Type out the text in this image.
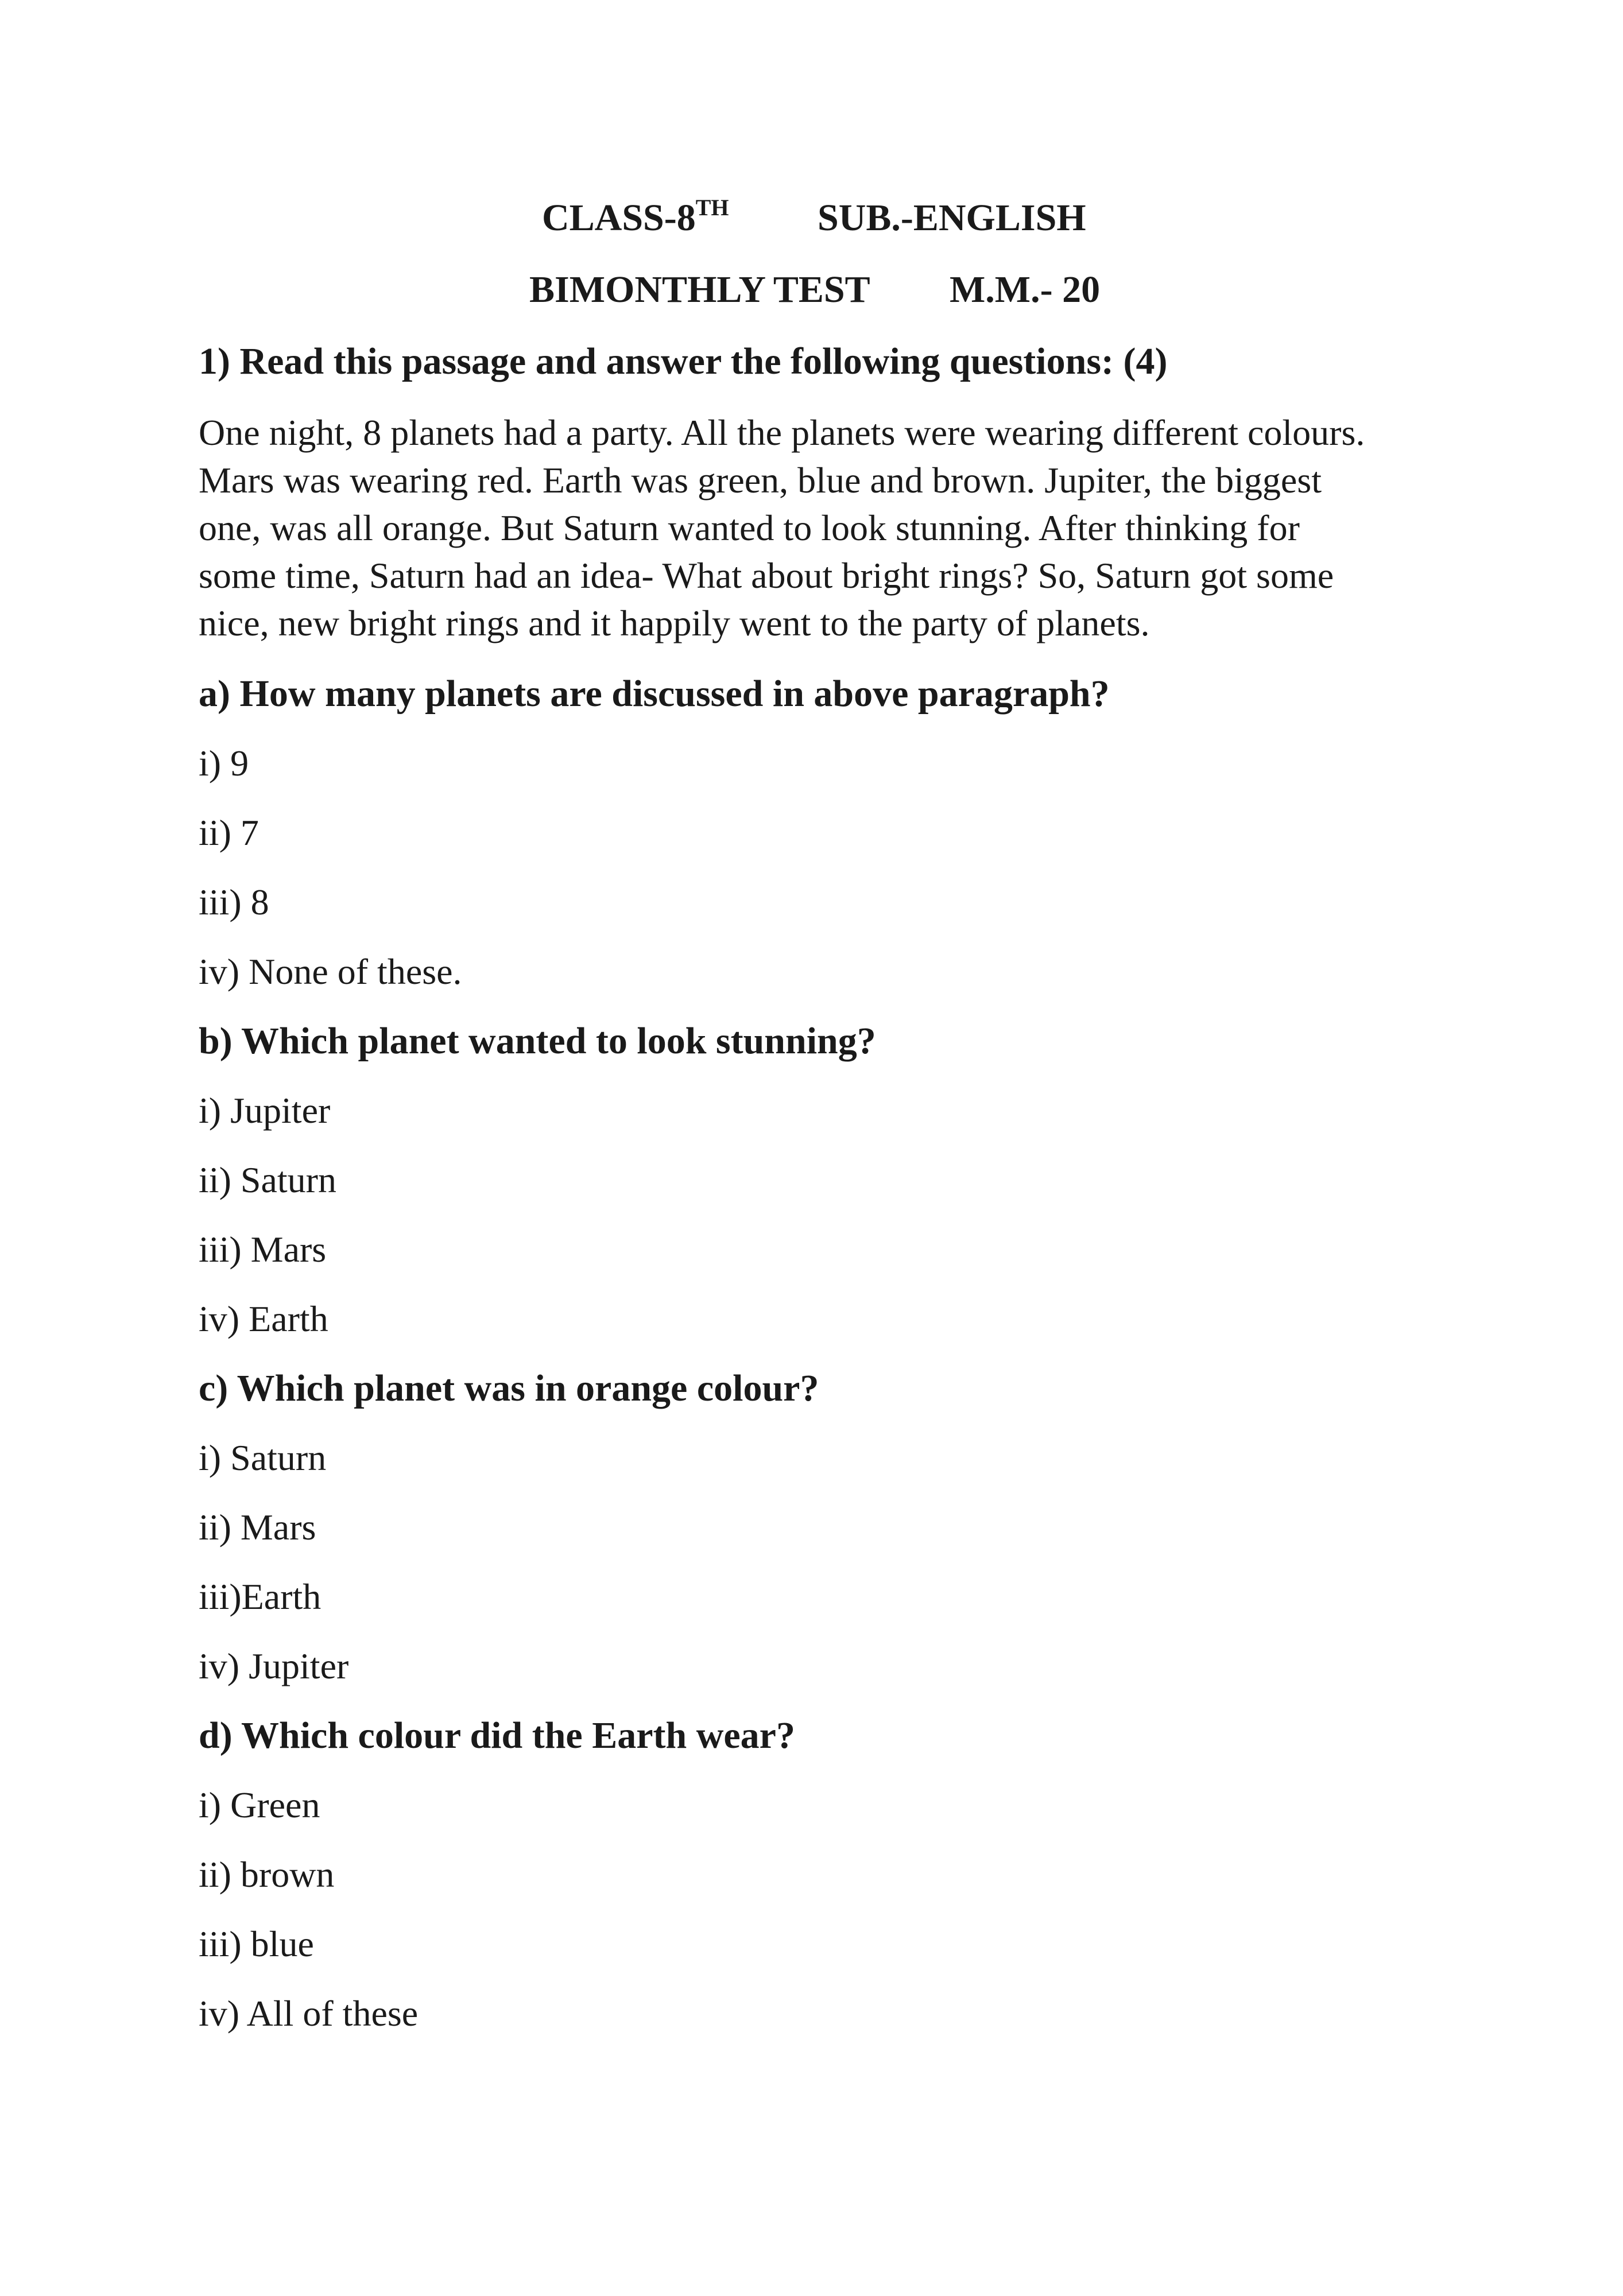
CLASS-8TH SUB.-ENGLISH
BIMONTHLY TEST M.M.- 20
1) Read this passage and answer the following questions: (4)
One night, 8 planets had a party. All the planets were wearing different colours.
Mars was wearing red. Earth was green, blue and brown. Jupiter, the biggest
one, was all orange. But Saturn wanted to look stunning. After thinking for
some time, Saturn had an idea- What about bright rings? So, Saturn got some
nice, new bright rings and it happily went to the party of planets.
a) How many planets are discussed in above paragraph?
i) 9
ii) 7
iii) 8
iv) None of these.
b) Which planet wanted to look stunning?
i) Jupiter
ii) Saturn
iii) Mars
iv) Earth
c) Which planet was in orange colour?
i) Saturn
ii) Mars
iii)Earth
iv) Jupiter
d) Which colour did the Earth wear?
i) Green
ii) brown
iii) blue
iv) All of these
